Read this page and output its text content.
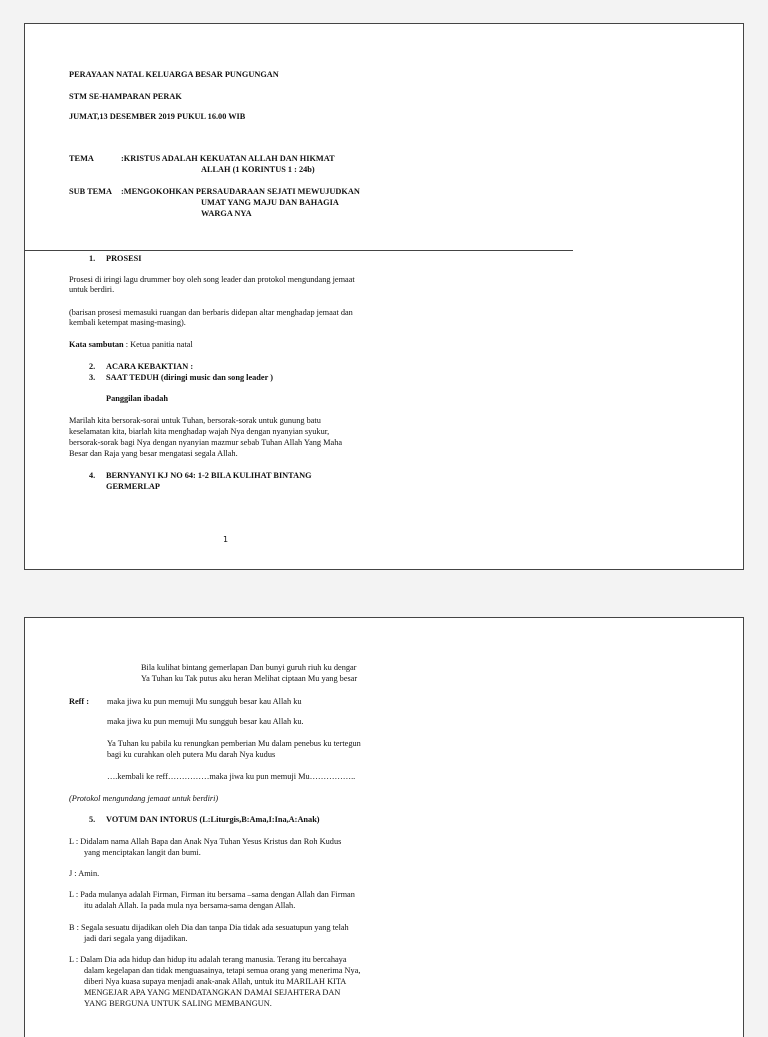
PERAYAAN NATAL KELUARGA BESAR PUNGUNGAN
STM SE-HAMPARAN PERAK
JUMAT,13 DESEMBER 2019 PUKUL 16.00 WIB
TEMA	:KRISTUS ADALAH KEKUATAN ALLAH DAN HIKMAT
ALLAH (1 KORINTUS 1 : 24b)
SUB TEMA :MENGOKOHKAN PERSAUDARAAN SEJATI MEWUJUDKAN
UMAT YANG MAJU DAN BAHAGIA
WARGA NYA
1. PROSESI
Prosesi di iringi lagu drummer boy oleh song leader dan protokol mengundang jemaat
untuk berdiri.
(barisan prosesi memasuki ruangan dan berbaris didepan altar menghadap jemaat dan
kembali ketempat masing-masing).
Kata sambutan : Ketua panitia natal
2. ACARA KEBAKTIAN :
3. SAAT TEDUH (diringi music dan song leader )
Panggilan ibadah
Marilah kita bersorak-sorai untuk Tuhan, bersorak-sorak untuk gunung batu
keselamatan kita, biarlah kita menghadap wajah Nya dengan nyanyian syukur,
bersorak-sorak bagi Nya dengan nyanyian mazmur sebab Tuhan Allah Yang Maha
Besar dan Raja yang besar mengatasi segala Allah.
4. BERNYANYI KJ NO 64: 1-2 BILA KULIHAT BINTANG
GERMERLAP
1
Bila kulihat bintang gemerlapan Dan bunyi guruh riuh ku dengar
Ya Tuhan ku Tak putus aku heran Melihat ciptaan Mu yang besar
Reff : maka jiwa ku pun memuji Mu sungguh besar kau Allah ku
maka jiwa ku pun memuji Mu sungguh besar kau Allah ku.
Ya Tuhan ku pabila ku renungkan pemberian Mu dalam penebus ku tertegun
bagi ku curahkan oleh putera Mu darah Nya kudus
….kembali ke reff……………maka jiwa ku pun memuji Mu……………..
(Protokol mengundang jemaat untuk berdiri)
5. VOTUM DAN INTORUS (L:Liturgis,B:Ama,I:Ina,A:Anak)
L : Didalam nama Allah Bapa dan Anak Nya Tuhan Yesus Kristus dan Roh Kudus
yang menciptakan langit dan bumi.
J : Amin.
L : Pada mulanya adalah Firman, Firman itu bersama –sama dengan Allah dan Firman
itu adalah Allah. Ia pada mula nya bersama-sama dengan Allah.
B : Segala sesuatu dijadikan oleh Dia dan tanpa Dia tidak ada sesuatupun yang telah
jadi dari segala yang dijadikan.
L : Dalam Dia ada hidup dan hidup itu adalah terang manusia. Terang itu bercahaya
dalam kegelapan dan tidak menguasainya, tetapi semua orang yang menerima Nya,
diberi Nya kuasa supaya menjadi anak-anak Allah, untuk itu MARILAH KITA
MENGEJAR APA YANG MENDATANGKAN DAMAI SEJAHTERA DAN
YANG BERGUNA UNTUK SALING MEMBANGUN.
